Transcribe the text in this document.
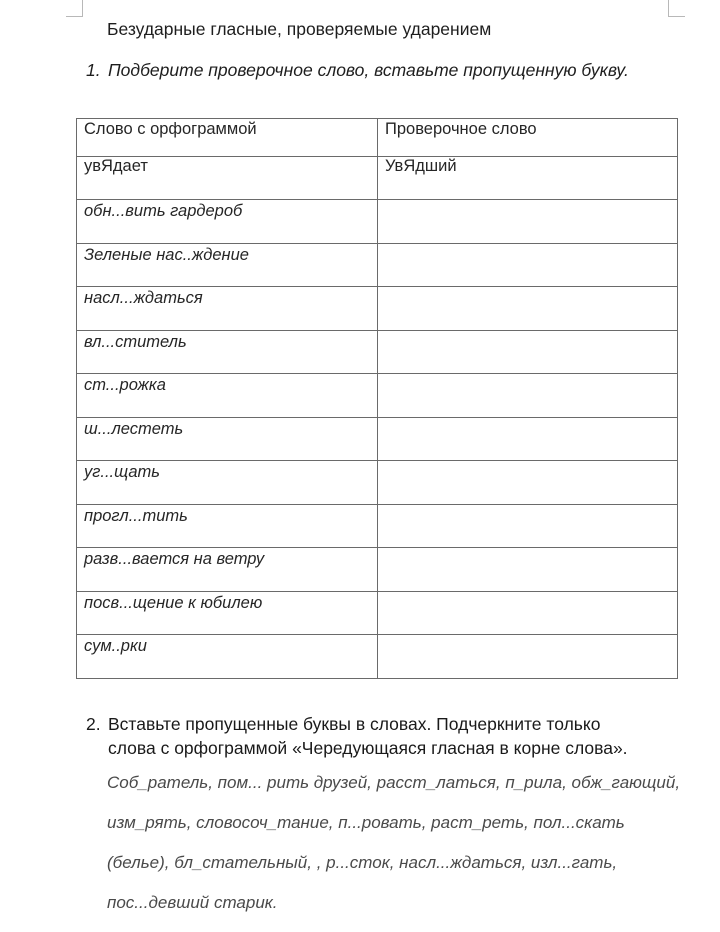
Безударные гласные, проверяемые ударением
1. Подберите проверочное слово, вставьте пропущенную букву.
Слово с орфограммой	Проверочное слово
увЯдает	УвЯдший
обн...вить гардероб	
Зеленые нас..ждение	
насл...ждаться	
вл...ститель	
ст...рожка	
ш...лестеть	
уг...щать	
прогл...тить	
разв...вается на ветру	
посв...щение к юбилею	
сум..рки	
2. Вставьте пропущенные буквы в словах. Подчеркните только
слова с орфограммой «Чередующаяся гласная в корне слова».
Соб_ратель, пом... рить друзей, расст_латься, п_рила, обж_гающий,
изм_рять, словосоч_тание, п...ровать, раст_реть, пол...скать
(белье), бл_стательный, , р...сток, насл...ждаться, изл...гать,
пос...девший старик.
